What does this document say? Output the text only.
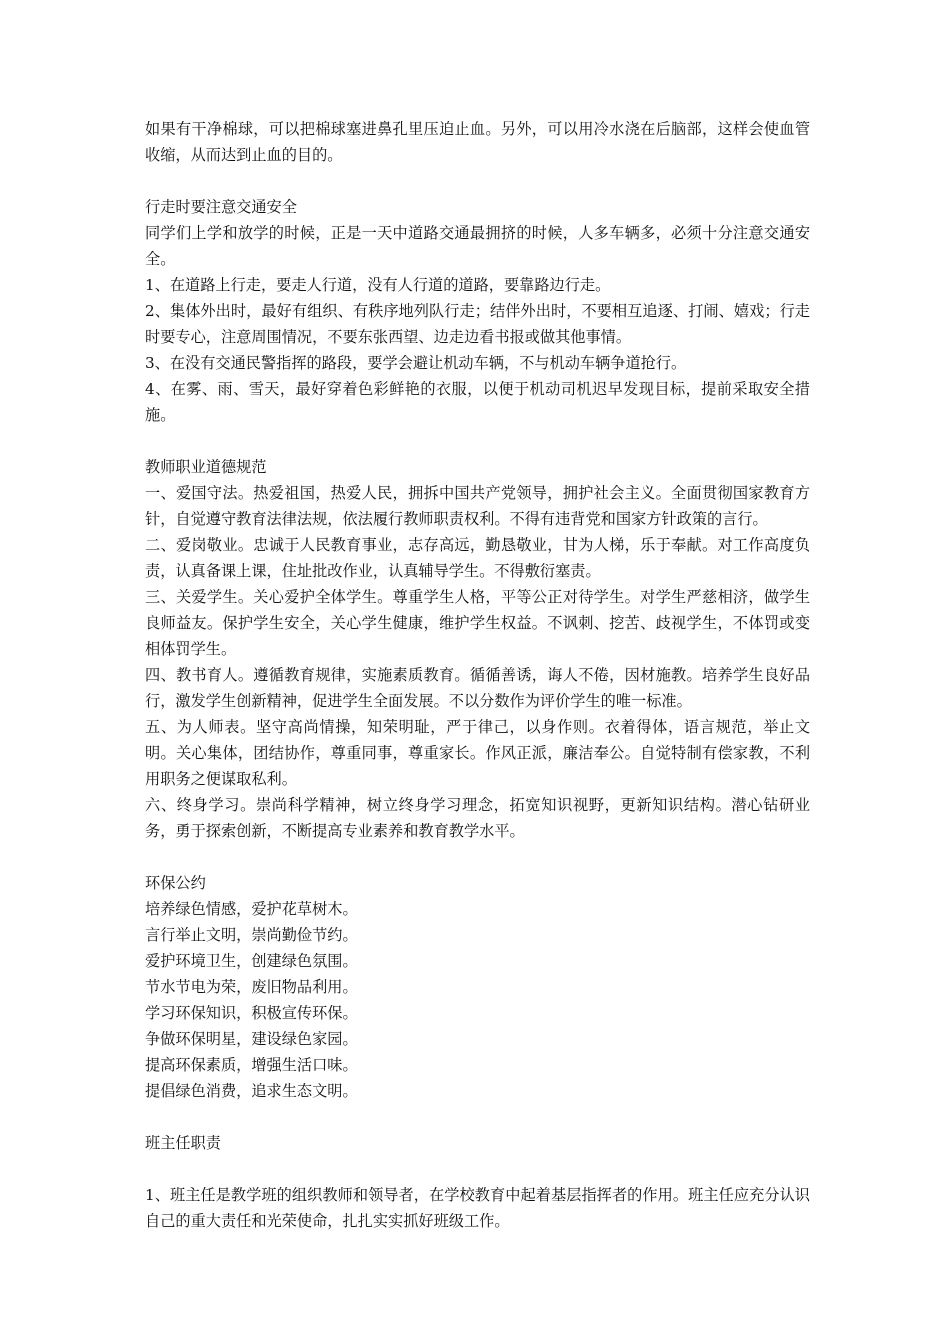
如果有干净棉球，可以把棉球塞进鼻孔里压迫止血。另外，可以用冷水浇在后脑部，这样会使血管收缩，从而达到止血的目的。

行走时要注意交通安全

同学们上学和放学的时候，正是一天中道路交通最拥挤的时候，人多车辆多，必须十分注意交通安全。

1、在道路上行走，要走人行道，没有人行道的道路，要靠路边行走。

2、集体外出时，最好有组织、有秩序地列队行走；结伴外出时，不要相互追逐、打闹、嬉戏；行走时要专心，注意周围情况，不要东张西望、边走边看书报或做其他事情。

3、在没有交通民警指挥的路段，要学会避让机动车辆，不与机动车辆争道抢行。

4、在雾、雨、雪天，最好穿着色彩鲜艳的衣服，以便于机动司机迟早发现目标，提前采取安全措施。

教师职业道德规范

一、爱国守法。热爱祖国，热爱人民，拥拆中国共产党领导，拥护社会主义。全面贯彻国家教育方针，自觉遵守教育法律法规，依法履行教师职责权利。不得有违背党和国家方针政策的言行。

二、爱岗敬业。忠诚于人民教育事业，志存高远，勤恳敬业，甘为人梯，乐于奉献。对工作高度负责，认真备课上课，住址批改作业，认真辅导学生。不得敷衍塞责。

三、关爱学生。关心爱护全体学生。尊重学生人格，平等公正对待学生。对学生严慈相济，做学生良师益友。保护学生安全，关心学生健康，维护学生权益。不讽刺、挖苦、歧视学生，不体罚或变相体罚学生。

四、教书育人。遵循教育规律，实施素质教育。循循善诱，诲人不倦，因材施教。培养学生良好品行，激发学生创新精神，促进学生全面发展。不以分数作为评价学生的唯一标准。

五、为人师表。坚守高尚情操，知荣明耻，严于律己，以身作则。衣着得体，语言规范，举止文明。关心集体，团结协作，尊重同事，尊重家长。作风正派，廉洁奉公。自觉特制有偿家教，不利用职务之便谋取私利。

六、终身学习。崇尚科学精神，树立终身学习理念，拓宽知识视野，更新知识结构。潜心钻研业务，勇于探索创新，不断提高专业素养和教育教学水平。

环保公约

培养绿色情感，爱护花草树木。

言行举止文明，崇尚勤俭节约。

爱护环境卫生，创建绿色氛围。

节水节电为荣，废旧物品利用。

学习环保知识，积极宣传环保。

争做环保明星，建设绿色家园。

提高环保素质，增强生活口味。

提倡绿色消费，追求生态文明。

班主任职责

1、班主任是教学班的组织教师和领导者，在学校教育中起着基层指挥者的作用。班主任应充分认识自己的重大责任和光荣使命，扎扎实实抓好班级工作。
